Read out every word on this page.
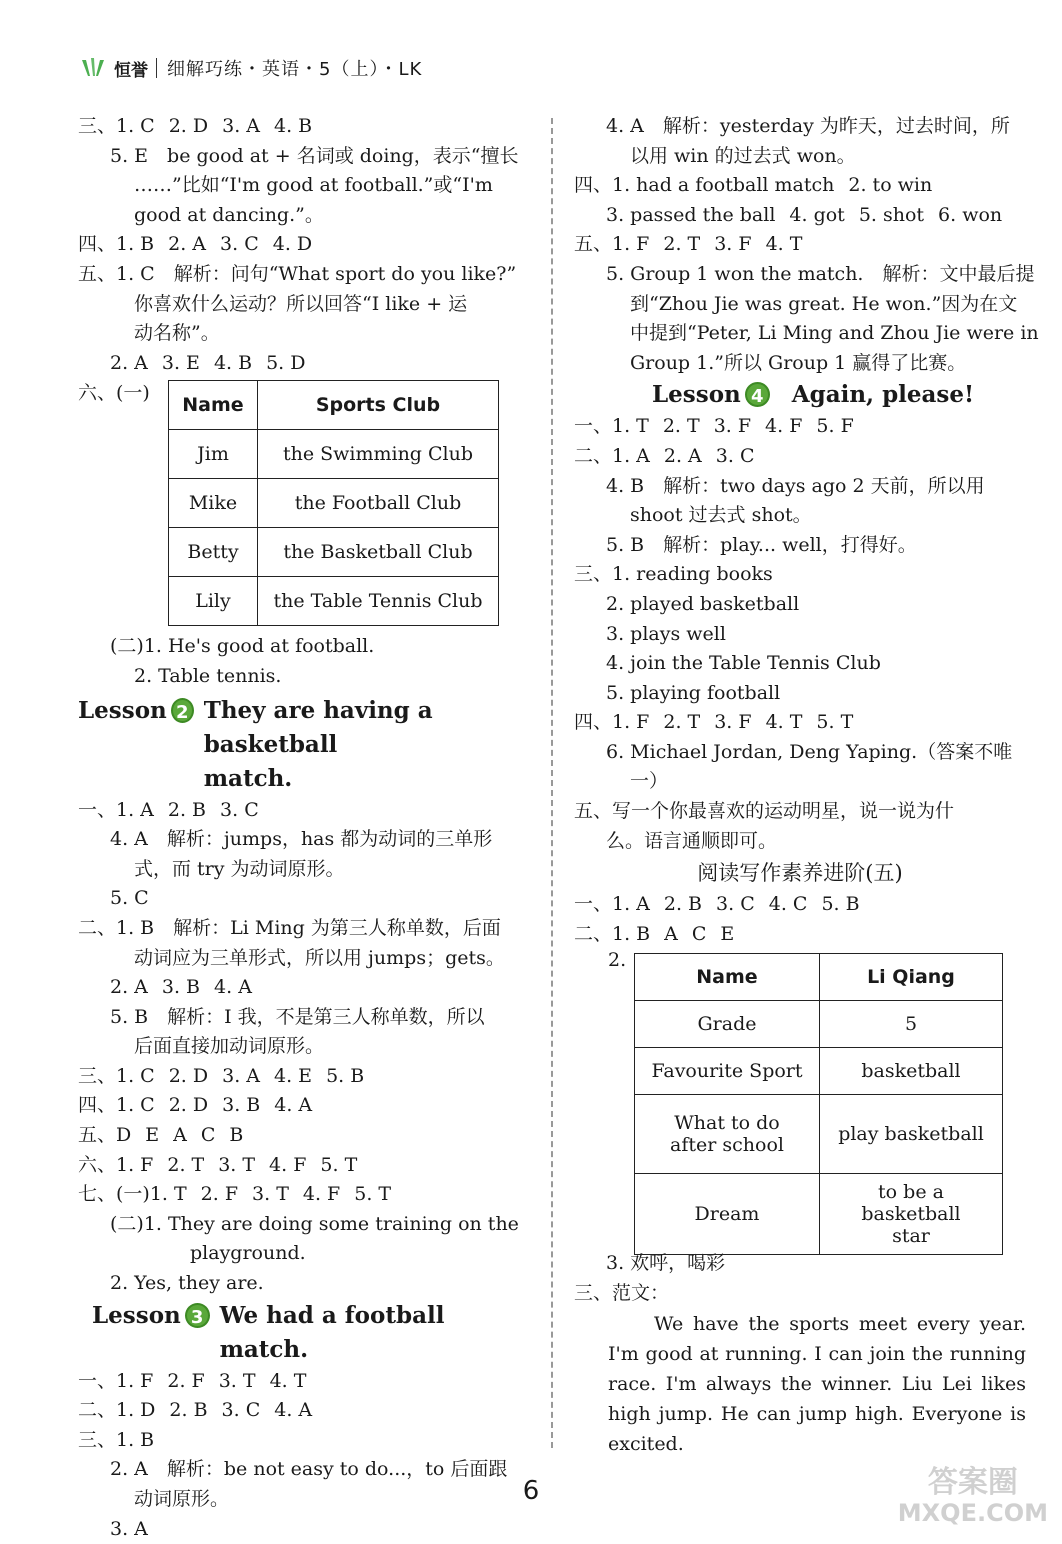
恒誉 细解巧练・英语・5（上）・LK
三、1. C 2. D 3. A 4. B
5. E　be good at + 名词或 doing，表示“擅长
……”比如“I'm good at football.”或“I'm
good at dancing.”。
四、1. B 2. A 3. C 4. D
五、1. C　解析：问句“What sport do you like?”
你喜欢什么运动？所以回答“I like + 运
动名称”。
2. A 3. E 4. B 5. D
六、(一)
Name	Sports Club
Jim	the Swimming Club
Mike	the Football Club
Betty	the Basketball Club
Lily	the Table Tennis Club
(二)1. He's good at football.
2. Table tennis.
Lesson 2 They are having a basketball
match.
一、1. A 2. B 3. C
4. A　解析：jumps，has 都为动词的三单形
式，而 try 为动词原形。
5. C
二、1. B　解析：Li Ming 为第三人称单数，后面
动词应为三单形式，所以用 jumps；gets。
2. A 3. B 4. A
5. B　解析：I 我，不是第三人称单数，所以
后面直接加动词原形。
三、1. C 2. D 3. A 4. E 5. B
四、1. C 2. D 3. B 4. A
五、D E A C B
六、1. F 2. T 3. T 4. F 5. T
七、(一)1. T 2. F 3. T 4. F 5. T
(二)1. They are doing some training on the
playground.
2. Yes, they are.
Lesson 3 We had a football match.
一、1. F 2. F 3. T 4. T
二、1. D 2. B 3. C 4. A
三、1. B
2. A　解析：be not easy to do...，to 后面跟
动词原形。
3. A
4. A　解析：yesterday 为昨天，过去时间，所
以用 win 的过去式 won。
四、1. had a football match 2. to win
3. passed the ball 4. got 5. shot 6. won
五、1. F 2. T 3. F 4. T
5. Group 1 won the match.　解析：文中最后提
到“Zhou Jie was great. He won.”因为在文
中提到“Peter, Li Ming and Zhou Jie were in
Group 1.”所以 Group 1 赢得了比赛。
Lesson 4 Again, please!
一、1. T 2. T 3. F 4. F 5. F
二、1. A 2. A 3. C
4. B　解析：two days ago 2 天前，所以用
shoot 过去式 shot。
5. B　解析：play... well，打得好。
三、1. reading books
2. played basketball
3. plays well
4. join the Table Tennis Club
5. playing football
四、1. F 2. T 3. F 4. T 5. T
6. Michael Jordan, Deng Yaping.（答案不唯
一）
五、写一个你最喜欢的运动明星，说一说为什
么。语言通顺即可。
阅读写作素养进阶(五)
一、1. A 2. B 3. C 4. C 5. B
二、1. B A C E
2.
Name	Li Qiang
Grade	5
Favourite Sport	basketball
What to do after school	play basketball
Dream	to be a basketball star
3. 欢呼，喝彩
三、范文：

We have the sports meet every year. I'm good at running. I can join the running race. I'm always the winner. Liu Lei likes high jump. He can jump high. Everyone is excited.

6	答案圈
MXQE.COM
